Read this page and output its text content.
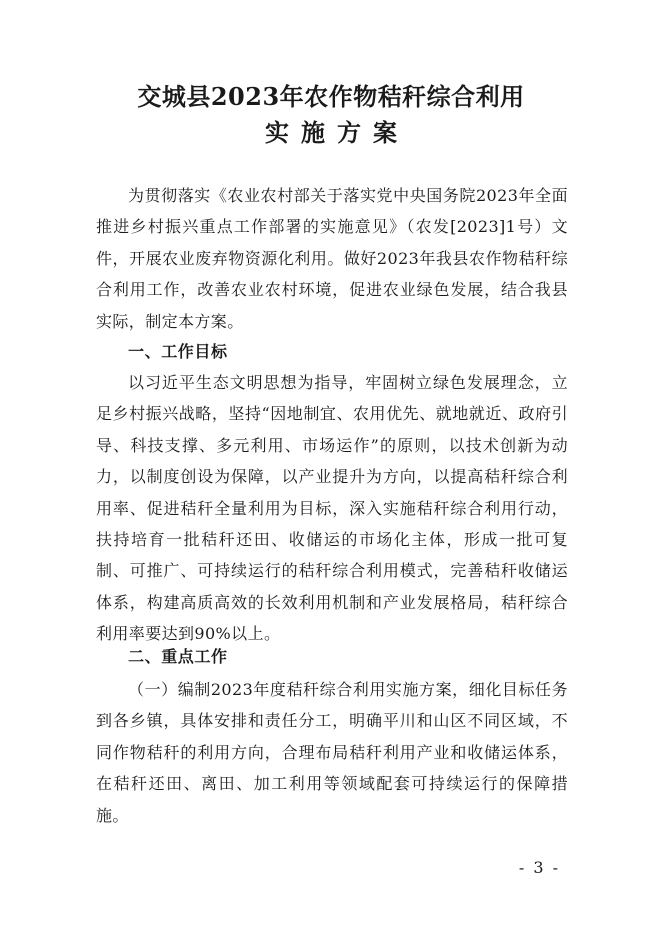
交城县2023年农作物秸秆综合利用
实施方案

为贯彻落实《农业农村部关于落实党中央国务院2023年全面推进乡村振兴重点工作部署的实施意见》（农发[2023]1号）文件，开展农业废弃物资源化利用。做好2023年我县农作物秸秆综合利用工作，改善农业农村环境，促进农业绿色发展，结合我县实际，制定本方案。

一、工作目标

以习近平生态文明思想为指导，牢固树立绿色发展理念，立足乡村振兴战略，坚持“因地制宜、农用优先、就地就近、政府引导、科技支撑、多元利用、市场运作”的原则，以技术创新为动力，以制度创设为保障，以产业提升为方向，以提高秸秆综合利用率、促进秸秆全量利用为目标，深入实施秸秆综合利用行动，扶持培育一批秸秆还田、收储运的市场化主体，形成一批可复制、可推广、可持续运行的秸秆综合利用模式，完善秸秆收储运体系，构建高质高效的长效利用机制和产业发展格局，秸秆综合利用率要达到90%以上。

二、重点工作

（一）编制2023年度秸秆综合利用实施方案，细化目标任务到各乡镇，具体安排和责任分工，明确平川和山区不同区域，不同作物秸秆的利用方向，合理布局秸秆利用产业和收储运体系，在秸秆还田、离田、加工利用等领域配套可持续运行的保障措施。

- 3 -
